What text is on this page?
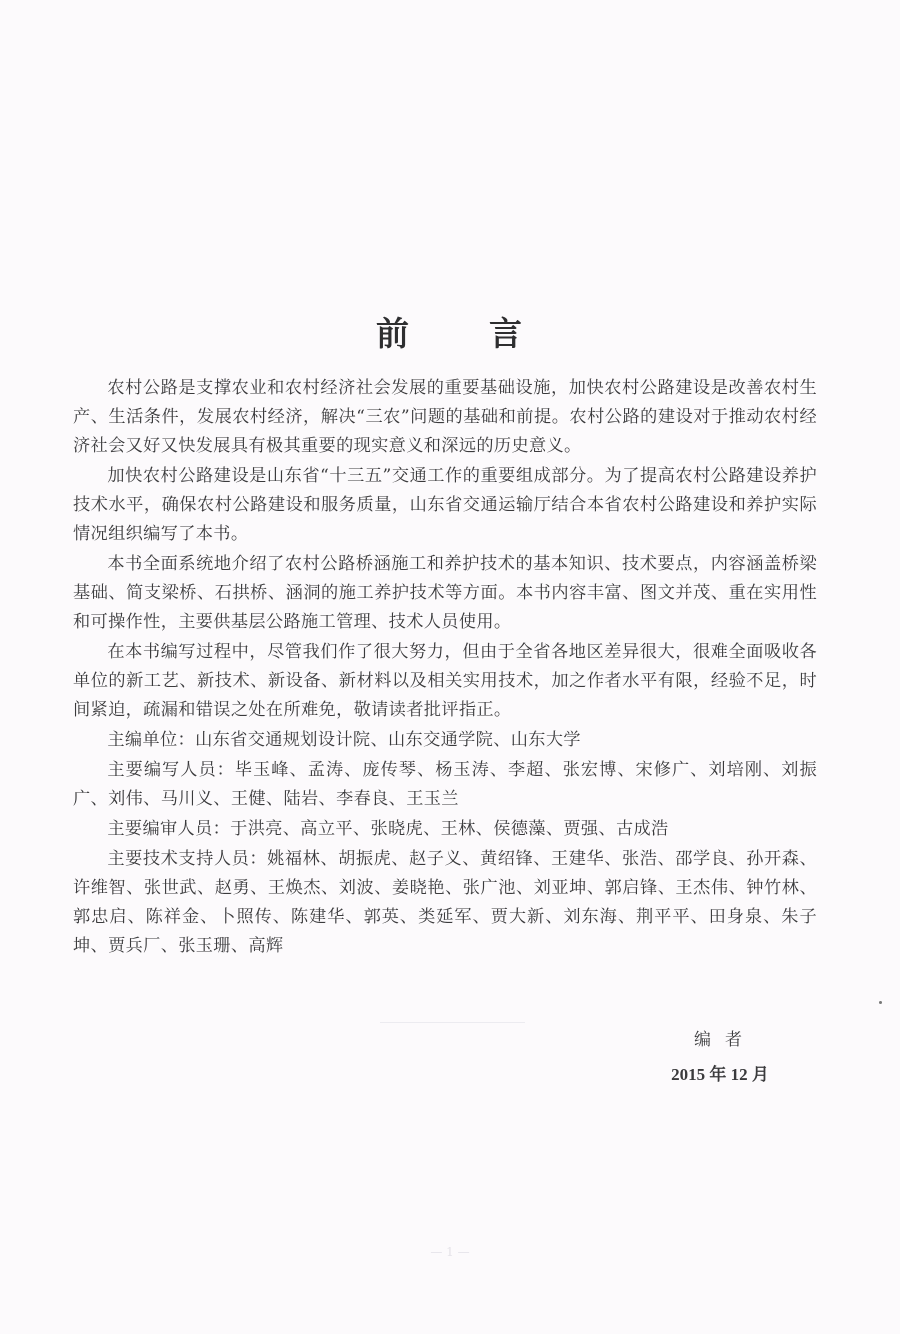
前 言

农村公路是支撑农业和农村经济社会发展的重要基础设施，加快农村公路建设是改善农村生产、生活条件，发展农村经济，解决“三农”问题的基础和前提。农村公路的建设对于推动农村经济社会又好又快发展具有极其重要的现实意义和深远的历史意义。

加快农村公路建设是山东省“十三五”交通工作的重要组成部分。为了提高农村公路建设养护技术水平，确保农村公路建设和服务质量，山东省交通运输厅结合本省农村公路建设和养护实际情况组织编写了本书。

本书全面系统地介绍了农村公路桥涵施工和养护技术的基本知识、技术要点，内容涵盖桥梁基础、简支梁桥、石拱桥、涵洞的施工养护技术等方面。本书内容丰富、图文并茂、重在实用性和可操作性，主要供基层公路施工管理、技术人员使用。

在本书编写过程中，尽管我们作了很大努力，但由于全省各地区差异很大，很难全面吸收各单位的新工艺、新技术、新设备、新材料以及相关实用技术，加之作者水平有限，经验不足，时间紧迫，疏漏和错误之处在所难免，敬请读者批评指正。

主编单位：山东省交通规划设计院、山东交通学院、山东大学

主要编写人员：毕玉峰、孟涛、庞传琴、杨玉涛、李超、张宏博、宋修广、刘培刚、刘振广、刘伟、马川义、王健、陆岩、李春良、王玉兰

主要编审人员：于洪亮、高立平、张晓虎、王林、侯德藻、贾强、古成浩

主要技术支持人员：姚福林、胡振虎、赵子义、黄绍锋、王建华、张浩、邵学良、孙开森、许维智、张世武、赵勇、王焕杰、刘波、姜晓艳、张广池、刘亚坤、郭启锋、王杰伟、钟竹林、郭忠启、陈祥金、卜照传、陈建华、郭英、类延军、贾大新、刘东海、荆平平、田身泉、朱子坤、贾兵厂、张玉珊、高辉

编者
2015 年 12 月
— 1 —
